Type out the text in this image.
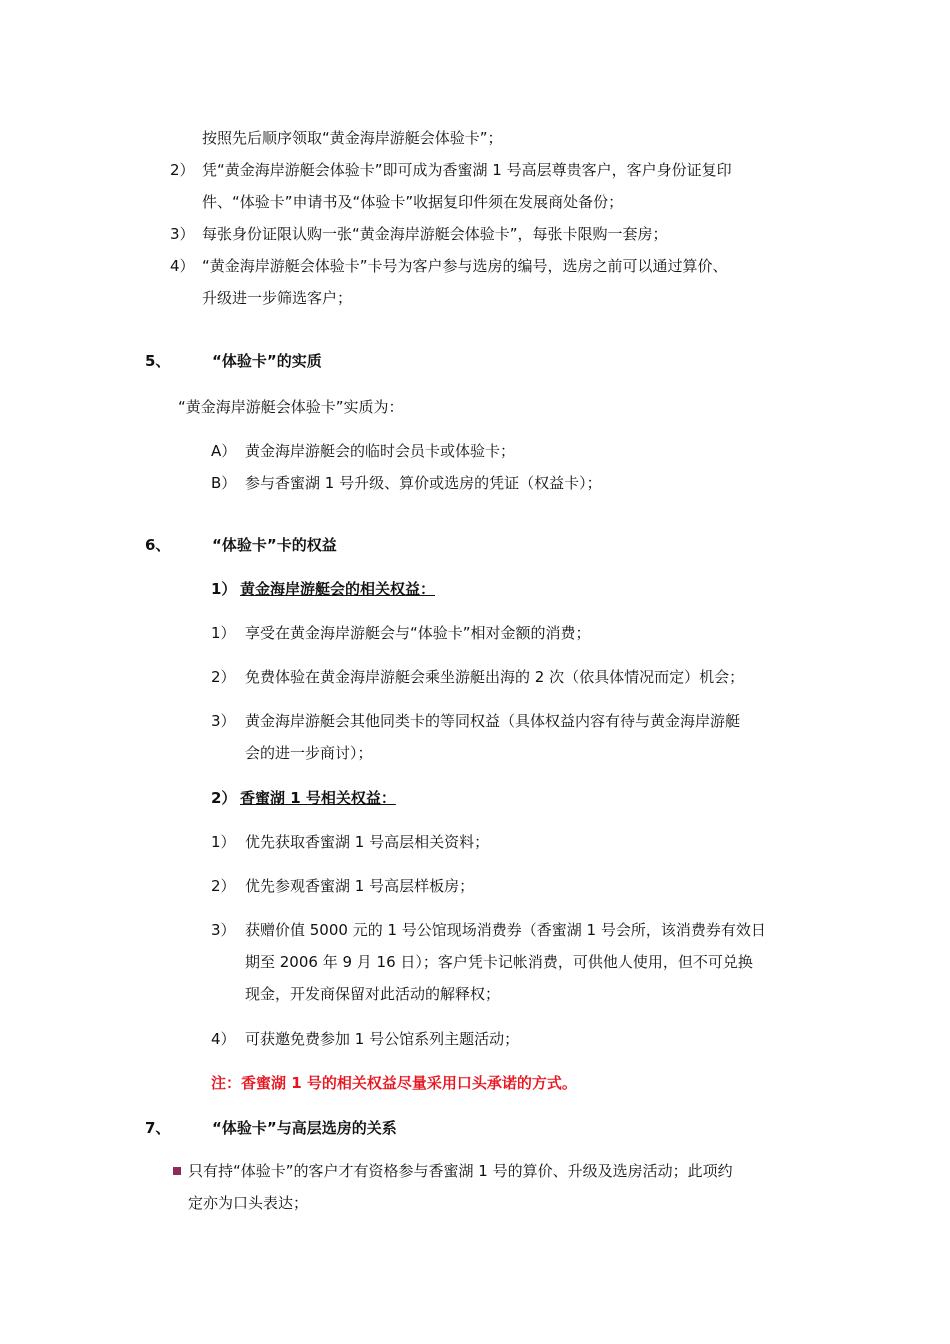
按照先后顺序领取“黄金海岸游艇会体验卡”；
2） 凭“黄金海岸游艇会体验卡”即可成为香蜜湖 1 号高层尊贵客户，客户身份证复印
件、“体验卡”申请书及“体验卡”收据复印件须在发展商处备份；
3） 每张身份证限认购一张“黄金海岸游艇会体验卡”，每张卡限购一套房；
4） “黄金海岸游艇会体验卡”卡号为客户参与选房的编号，选房之前可以通过算价、
升级进一步筛选客户；
5、	“体验卡”的实质
“黄金海岸游艇会体验卡”实质为：
A） 黄金海岸游艇会的临时会员卡或体验卡；
B） 参与香蜜湖 1 号升级、算价或选房的凭证（权益卡）；
6、	“体验卡”卡的权益
1） 黄金海岸游艇会的相关权益：
1） 享受在黄金海岸游艇会与“体验卡”相对金额的消费；
2） 免费体验在黄金海岸游艇会乘坐游艇出海的 2 次（依具体情况而定）机会；
3） 黄金海岸游艇会其他同类卡的等同权益（具体权益内容有待与黄金海岸游艇
会的进一步商讨）；
2） 香蜜湖 1 号相关权益：
1） 优先获取香蜜湖 1 号高层相关资料；
2） 优先参观香蜜湖 1 号高层样板房；
3） 获赠价值 5000 元的 1 号公馆现场消费券（香蜜湖 1 号会所，该消费券有效日
期至 2006 年 9 月 16 日）；客户凭卡记帐消费，可供他人使用，但不可兑换
现金，开发商保留对此活动的解释权；
4） 可获邀免费参加 1 号公馆系列主题活动；
注：香蜜湖 1 号的相关权益尽量采用口头承诺的方式。
7、	“体验卡”与高层选房的关系
只有持“体验卡”的客户才有资格参与香蜜湖 1 号的算价、升级及选房活动；此项约
定亦为口头表达；
